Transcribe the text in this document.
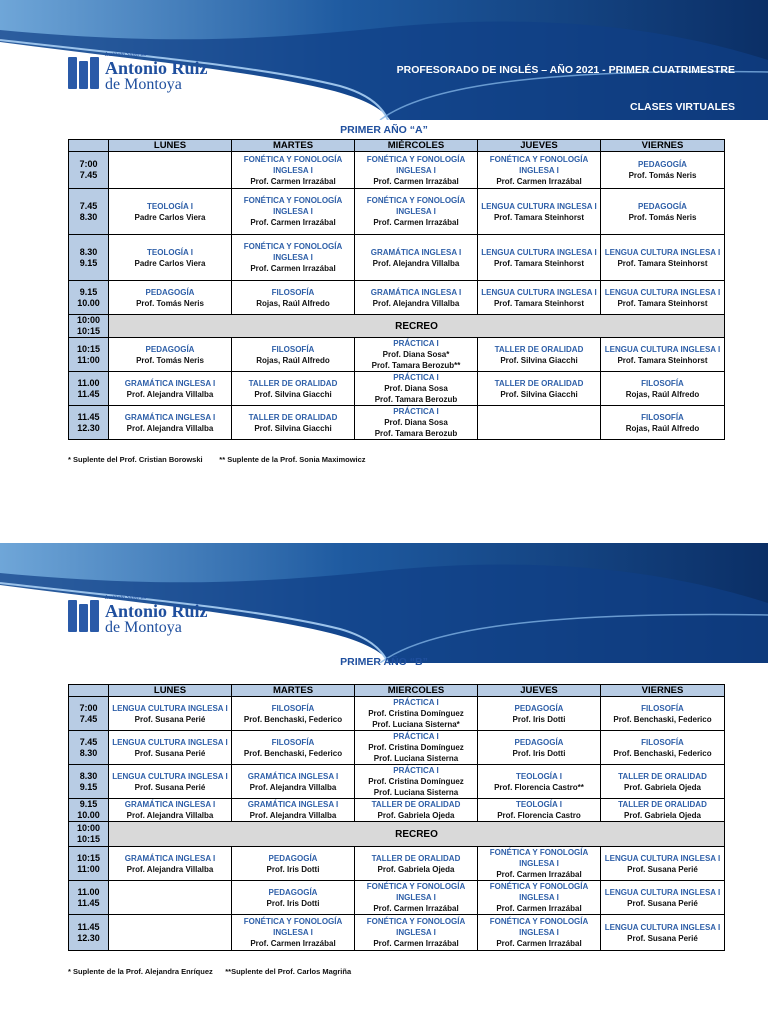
Instituto Superior
Antonio Ruiz
de Montoya
PROFESORADO DE INGLÉS – AÑO 2021 - PRIMER CUATRIMESTRE
CLASES VIRTUALES
PRIMER AÑO “A”
	LUNES	MARTES	MIÉRCOLES	JUEVES	VIERNES

7:00
7.45		FONÉTICA Y FONOLOGÍA INGLESA I
Prof. Carmen Irrazábal	FONÉTICA Y FONOLOGÍA INGLESA I
Prof. Carmen Irrazábal	FONÉTICA Y FONOLOGÍA INGLESA I
Prof. Carmen Irrazábal	PEDAGOGÍA
Prof. Tomás Neris

7.45
8.30	TEOLOGÍA I
Padre Carlos Viera	FONÉTICA Y FONOLOGÍA INGLESA I
Prof. Carmen Irrazábal	FONÉTICA Y FONOLOGÍA INGLESA I
Prof. Carmen Irrazábal	LENGUA CULTURA INGLESA I
Prof. Tamara Steinhorst	PEDAGOGÍA
Prof. Tomás Neris

8.30
9.15	TEOLOGÍA I
Padre Carlos Viera	FONÉTICA Y FONOLOGÍA INGLESA I
Prof. Carmen Irrazábal	GRAMÁTICA INGLESA I
Prof. Alejandra Villalba	LENGUA CULTURA INGLESA I
Prof. Tamara Steinhorst	LENGUA CULTURA INGLESA I
Prof. Tamara Steinhorst

9.15
10.00	PEDAGOGÍA
Prof. Tomás Neris	FILOSOFÍA
Rojas, Raúl Alfredo	GRAMÁTICA INGLESA I
Prof. Alejandra Villalba	LENGUA CULTURA INGLESA I
Prof. Tamara Steinhorst	LENGUA CULTURA INGLESA I
Prof. Tamara Steinhorst

10:00
10:15	RECREO				

10:15
11:00	PEDAGOGÍA
Prof. Tomás Neris	FILOSOFÍA
Rojas, Raúl Alfredo	PRÁCTICA I
Prof. Diana Sosa*
Prof. Tamara Berozub**	TALLER DE ORALIDAD
Prof. Silvina Giacchi	LENGUA CULTURA INGLESA I
Prof. Tamara Steinhorst

11.00
11.45	GRAMÁTICA INGLESA I
Prof. Alejandra Villalba	TALLER DE ORALIDAD
Prof. Silvina Giacchi	PRÁCTICA I
Prof. Diana Sosa
Prof. Tamara Berozub	TALLER DE ORALIDAD
Prof. Silvina Giacchi	FILOSOFÍA
Rojas, Raúl Alfredo

11.45
12.30	GRAMÁTICA INGLESA I
Prof. Alejandra Villalba	TALLER DE ORALIDAD
Prof. Silvina Giacchi	PRÁCTICA I
Prof. Diana Sosa
Prof. Tamara Berozub		FILOSOFÍA
Rojas, Raúl Alfredo
* Suplente del Prof. Cristian Borowski        ** Suplente de la Prof. Sonia Maximowicz
Instituto Superior
Antonio Ruiz
de Montoya
PRIMER AÑO “B”
	LUNES	MARTES	MIERCOLES	JUEVES	VIERNES

7:00
7.45	LENGUA CULTURA INGLESA I
Prof. Susana Perié	FILOSOFÍA
Prof. Benchaski, Federico	PRÁCTICA I
Prof. Cristina Domínguez
Prof. Luciana Sisterna*	PEDAGOGÍA
Prof. Iris Dotti	FILOSOFÍA
Prof. Benchaski, Federico

7.45
8.30	LENGUA CULTURA INGLESA I
Prof. Susana Perié	FILOSOFÍA
Prof. Benchaski, Federico	PRÁCTICA I
Prof. Cristina Domínguez
Prof. Luciana Sisterna	PEDAGOGÍA
Prof. Iris Dotti	FILOSOFÍA
Prof. Benchaski, Federico

8.30
9.15	LENGUA CULTURA INGLESA I
Prof. Susana Perié	GRAMÁTICA INGLESA I
Prof. Alejandra Villalba	PRÁCTICA I
Prof. Cristina Domínguez
Prof. Luciana Sisterna	TEOLOGÍA I
Prof. Florencia Castro**	TALLER DE ORALIDAD
Prof. Gabriela Ojeda

9.15
10.00	GRAMÁTICA INGLESA I
Prof. Alejandra Villalba	GRAMÁTICA INGLESA I
Prof. Alejandra Villalba	TALLER DE ORALIDAD
Prof. Gabriela Ojeda	TEOLOGÍA I
Prof. Florencia Castro	TALLER DE ORALIDAD
Prof. Gabriela Ojeda

10:00
10:15	RECREO				

10:15
11:00	GRAMÁTICA INGLESA I
Prof. Alejandra Villalba	PEDAGOGÍA
Prof. Iris Dotti	TALLER DE ORALIDAD
Prof. Gabriela Ojeda	FONÉTICA Y FONOLOGÍA INGLESA I
Prof. Carmen Irrazábal	LENGUA CULTURA INGLESA I
Prof. Susana Perié

11.00
11.45		PEDAGOGÍA
Prof. Iris Dotti	FONÉTICA Y FONOLOGÍA INGLESA I
Prof. Carmen Irrazábal	FONÉTICA Y FONOLOGÍA INGLESA I
Prof. Carmen Irrazábal	LENGUA CULTURA INGLESA I
Prof. Susana Perié

11.45
12.30		FONÉTICA Y FONOLOGÍA INGLESA I
Prof. Carmen Irrazábal	FONÉTICA Y FONOLOGÍA INGLESA I
Prof. Carmen Irrazábal	FONÉTICA Y FONOLOGÍA INGLESA I
Prof. Carmen Irrazábal	LENGUA CULTURA INGLESA I
Prof. Susana Perié
* Suplente de la Prof. Alejandra Enríquez      **Suplente del Prof. Carlos Magriña
